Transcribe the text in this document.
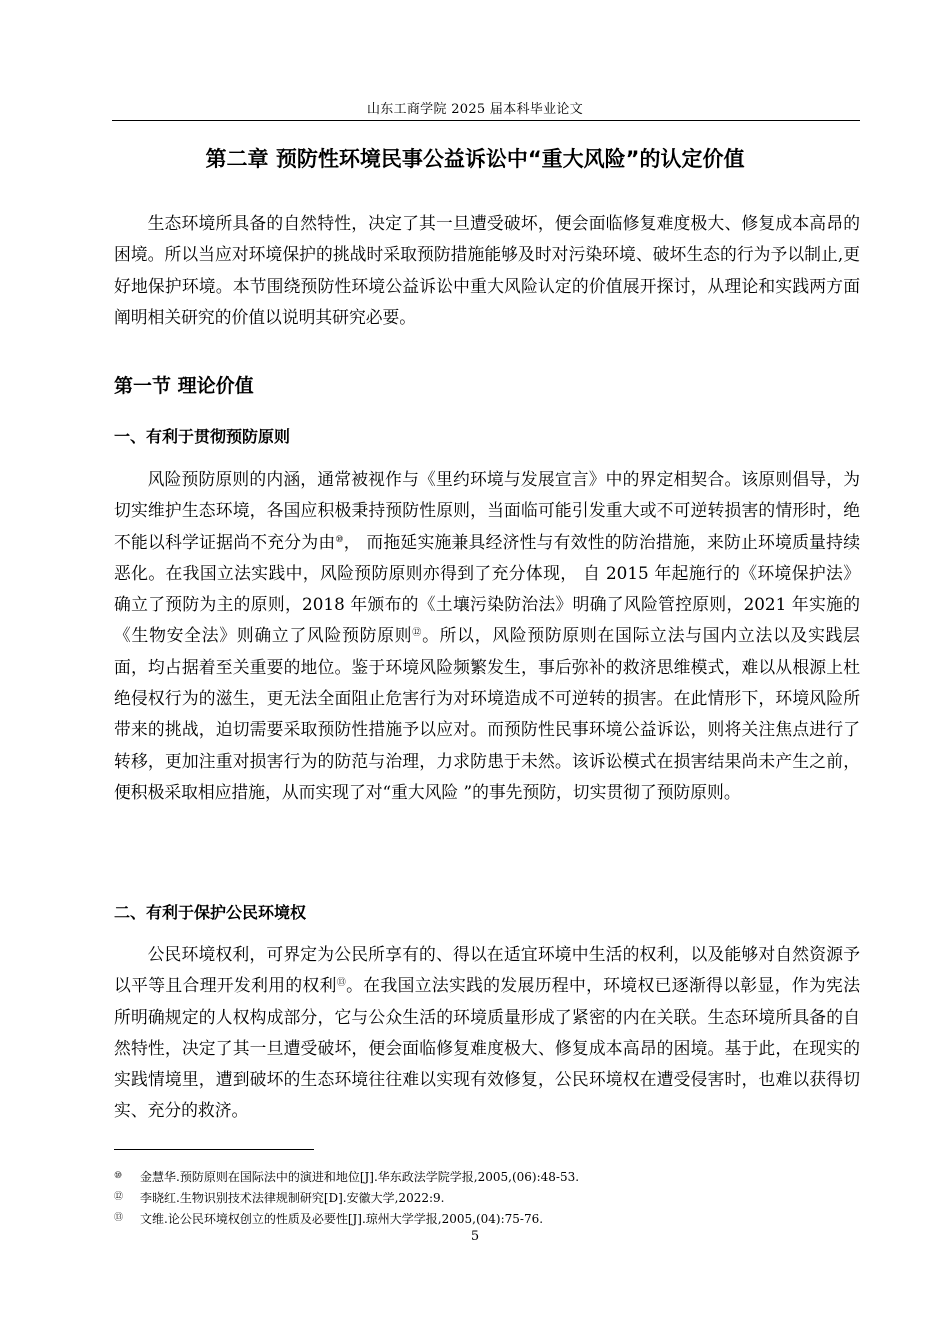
山东工商学院 2025 届本科毕业论文
第二章 预防性环境民事公益诉讼中“重大风险”的认定价值

生态环境所具备的自然特性，决定了其一旦遭受破坏，便会面临修复难度极大、修复成本高昂的困境。所以当应对环境保护的挑战时采取预防措施能够及时对污染环境、破坏生态的行为予以制止,更好地保护环境。本节围绕预防性环境公益诉讼中重大风险认定的价值展开探讨，从理论和实践两方面阐明相关研究的价值以说明其研究必要。

第一节 理论价值
一、有利于贯彻预防原则

风险预防原则的内涵，通常被视作与《里约环境与发展宣言》中的界定相契合。该原则倡导，为切实维护生态环境，各国应积极秉持预防性原则，当面临可能引发重大或不可逆转损害的情形时，绝不能以科学证据尚不充分为由⑩， 而拖延实施兼具经济性与有效性的防治措施，来防止环境质量持续恶化。在我国立法实践中，风险预防原则亦得到了充分体现， 自 2015 年起施行的《环境保护法》确立了预防为主的原则，2018 年颁布的《土壤污染防治法》明确了风险管控原则，2021 年实施的《生物安全法》则确立了风险预防原则⑫。所以，风险预防原则在国际立法与国内立法以及实践层面，均占据着至关重要的地位。鉴于环境风险频繁发生，事后弥补的救济思维模式，难以从根源上杜绝侵权行为的滋生，更无法全面阻止危害行为对环境造成不可逆转的损害。在此情形下，环境风险所带来的挑战，迫切需要采取预防性措施予以应对。而预防性民事环境公益诉讼，则将关注焦点进行了转移，更加注重对损害行为的防范与治理，力求防患于未然。该诉讼模式在损害结果尚未产生之前，便积极采取相应措施，从而实现了对“重大风险 ”的事先预防，切实贯彻了预防原则。

二、有利于保护公民环境权

公民环境权利，可界定为公民所享有的、得以在适宜环境中生活的权利，以及能够对自然资源予以平等且合理开发利用的权利⑬。在我国立法实践的发展历程中，环境权已逐渐得以彰显，作为宪法所明确规定的人权构成部分，它与公众生活的环境质量形成了紧密的内在关联。生态环境所具备的自然特性，决定了其一旦遭受破坏，便会面临修复难度极大、修复成本高昂的困境。基于此，在现实的实践情境里，遭到破坏的生态环境往往难以实现有效修复，公民环境权在遭受侵害时，也难以获得切实、充分的救济。

⑩ 金慧华.预防原则在国际法中的演进和地位[J].华东政法学院学报,2005,(06):48-53.
⑫ 李晓红.生物识别技术法律规制研究[D].安徽大学,2022:9.
⑬ 文维.论公民环境权创立的性质及必要性[J].琼州大学学报,2005,(04):75-76.
5
